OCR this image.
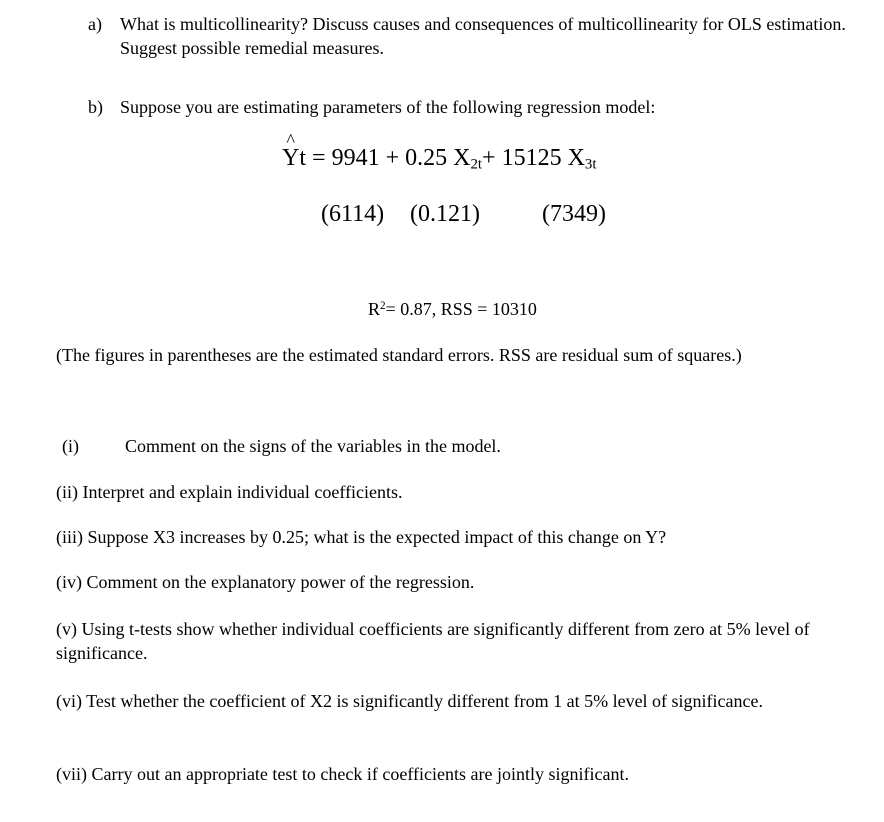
a) What is multicollinearity? Discuss causes and consequences of multicollinearity for OLS estimation. Suggest possible remedial measures.
b) Suppose you are estimating parameters of the following regression model:
Y
^
t = 9941 + 0.25 $X_{2t}+ 15125$ $X_{3t}$
(6114) (0.121)	(7349)
$R^2= 0.87$, RSS = 10310
(The figures in parentheses are the estimated standard errors. RSS are residual sum of squares.)
(i)	Comment on the signs of the variables in the model.
(ii) Interpret and explain individual coefficients.
(iii) Suppose X3 increases by 0.25; what is the expected impact of this change on Y?
(iv) Comment on the explanatory power of the regression.
(v) Using t-tests show whether individual coefficients are significantly different from zero at 5% level of significance.
(vi) Test whether the coefficient of X2 is significantly different from 1 at 5% level of significance.
(vii) Carry out an appropriate test to check if coefficients are jointly significant.
